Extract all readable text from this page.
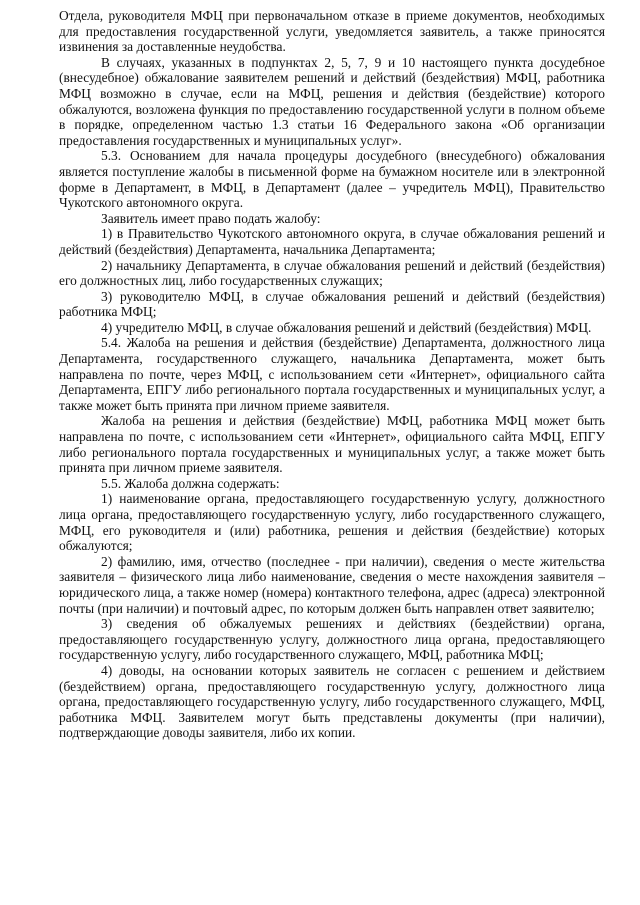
Отдела, руководителя МФЦ при первоначальном отказе в приеме документов, необходимых для предоставления государственной услуги, уведомляется заявитель, а также приносятся извинения за доставленные неудобства.

В случаях, указанных в подпунктах 2, 5, 7, 9 и 10 настоящего пункта досудебное (внесудебное) обжалование заявителем решений и действий (бездействия) МФЦ, работника МФЦ возможно в случае, если на МФЦ, решения и действия (бездействие) которого обжалуются, возложена функция по предоставлению государственной услуги в полном объеме в порядке, определенном частью 1.3 статьи 16 Федерального закона «Об организации предоставления государственных и муниципальных услуг».

5.3. Основанием для начала процедуры досудебного (внесудебного) обжалования является поступление жалобы в письменной форме на бумажном носителе или в электронной форме в Департамент, в МФЦ, в Департамент (далее – учредитель МФЦ), Правительство Чукотского автономного округа.

Заявитель имеет право подать жалобу:

1) в Правительство Чукотского автономного округа, в случае обжалования решений и действий (бездействия) Департамента, начальника Департамента;

2) начальнику Департамента, в случае обжалования решений и действий (бездействия) его должностных лиц, либо государственных служащих;

3) руководителю МФЦ, в случае обжалования решений и действий (бездействия) работника МФЦ;

4) учредителю МФЦ, в случае обжалования решений и действий (бездействия) МФЦ.

5.4. Жалоба на решения и действия (бездействие) Департамента, должностного лица Департамента, государственного служащего, начальника Департамента, может быть направлена по почте, через МФЦ, с использованием сети «Интернет», официального сайта Департамента, ЕПГУ либо регионального портала государственных и муниципальных услуг, а также может быть принята при личном приеме заявителя.

Жалоба на решения и действия (бездействие) МФЦ, работника МФЦ может быть направлена по почте, с использованием сети «Интернет», официального сайта МФЦ, ЕПГУ либо регионального портала государственных и муниципальных услуг, а также может быть принята при личном приеме заявителя.

5.5. Жалоба должна содержать:

1) наименование органа, предоставляющего государственную услугу, должностного лица органа, предоставляющего государственную услугу, либо государственного служащего, МФЦ, его руководителя и (или) работника, решения и действия (бездействие) которых обжалуются;

2) фамилию, имя, отчество (последнее - при наличии), сведения о месте жительства заявителя – физического лица либо наименование, сведения о месте нахождения заявителя – юридического лица, а также номер (номера) контактного телефона, адрес (адреса) электронной почты (при наличии) и почтовый адрес, по которым должен быть направлен ответ заявителю;

3) сведения об обжалуемых решениях и действиях (бездействии) органа, предоставляющего государственную услугу, должностного лица органа, предоставляющего государственную услугу, либо государственного служащего, МФЦ, работника МФЦ;

4) доводы, на основании которых заявитель не согласен с решением и действием (бездействием) органа, предоставляющего государственную услугу, должностного лица органа, предоставляющего государственную услугу, либо государственного служащего, МФЦ, работника МФЦ. Заявителем могут быть представлены документы (при наличии), подтверждающие доводы заявителя, либо их копии.
